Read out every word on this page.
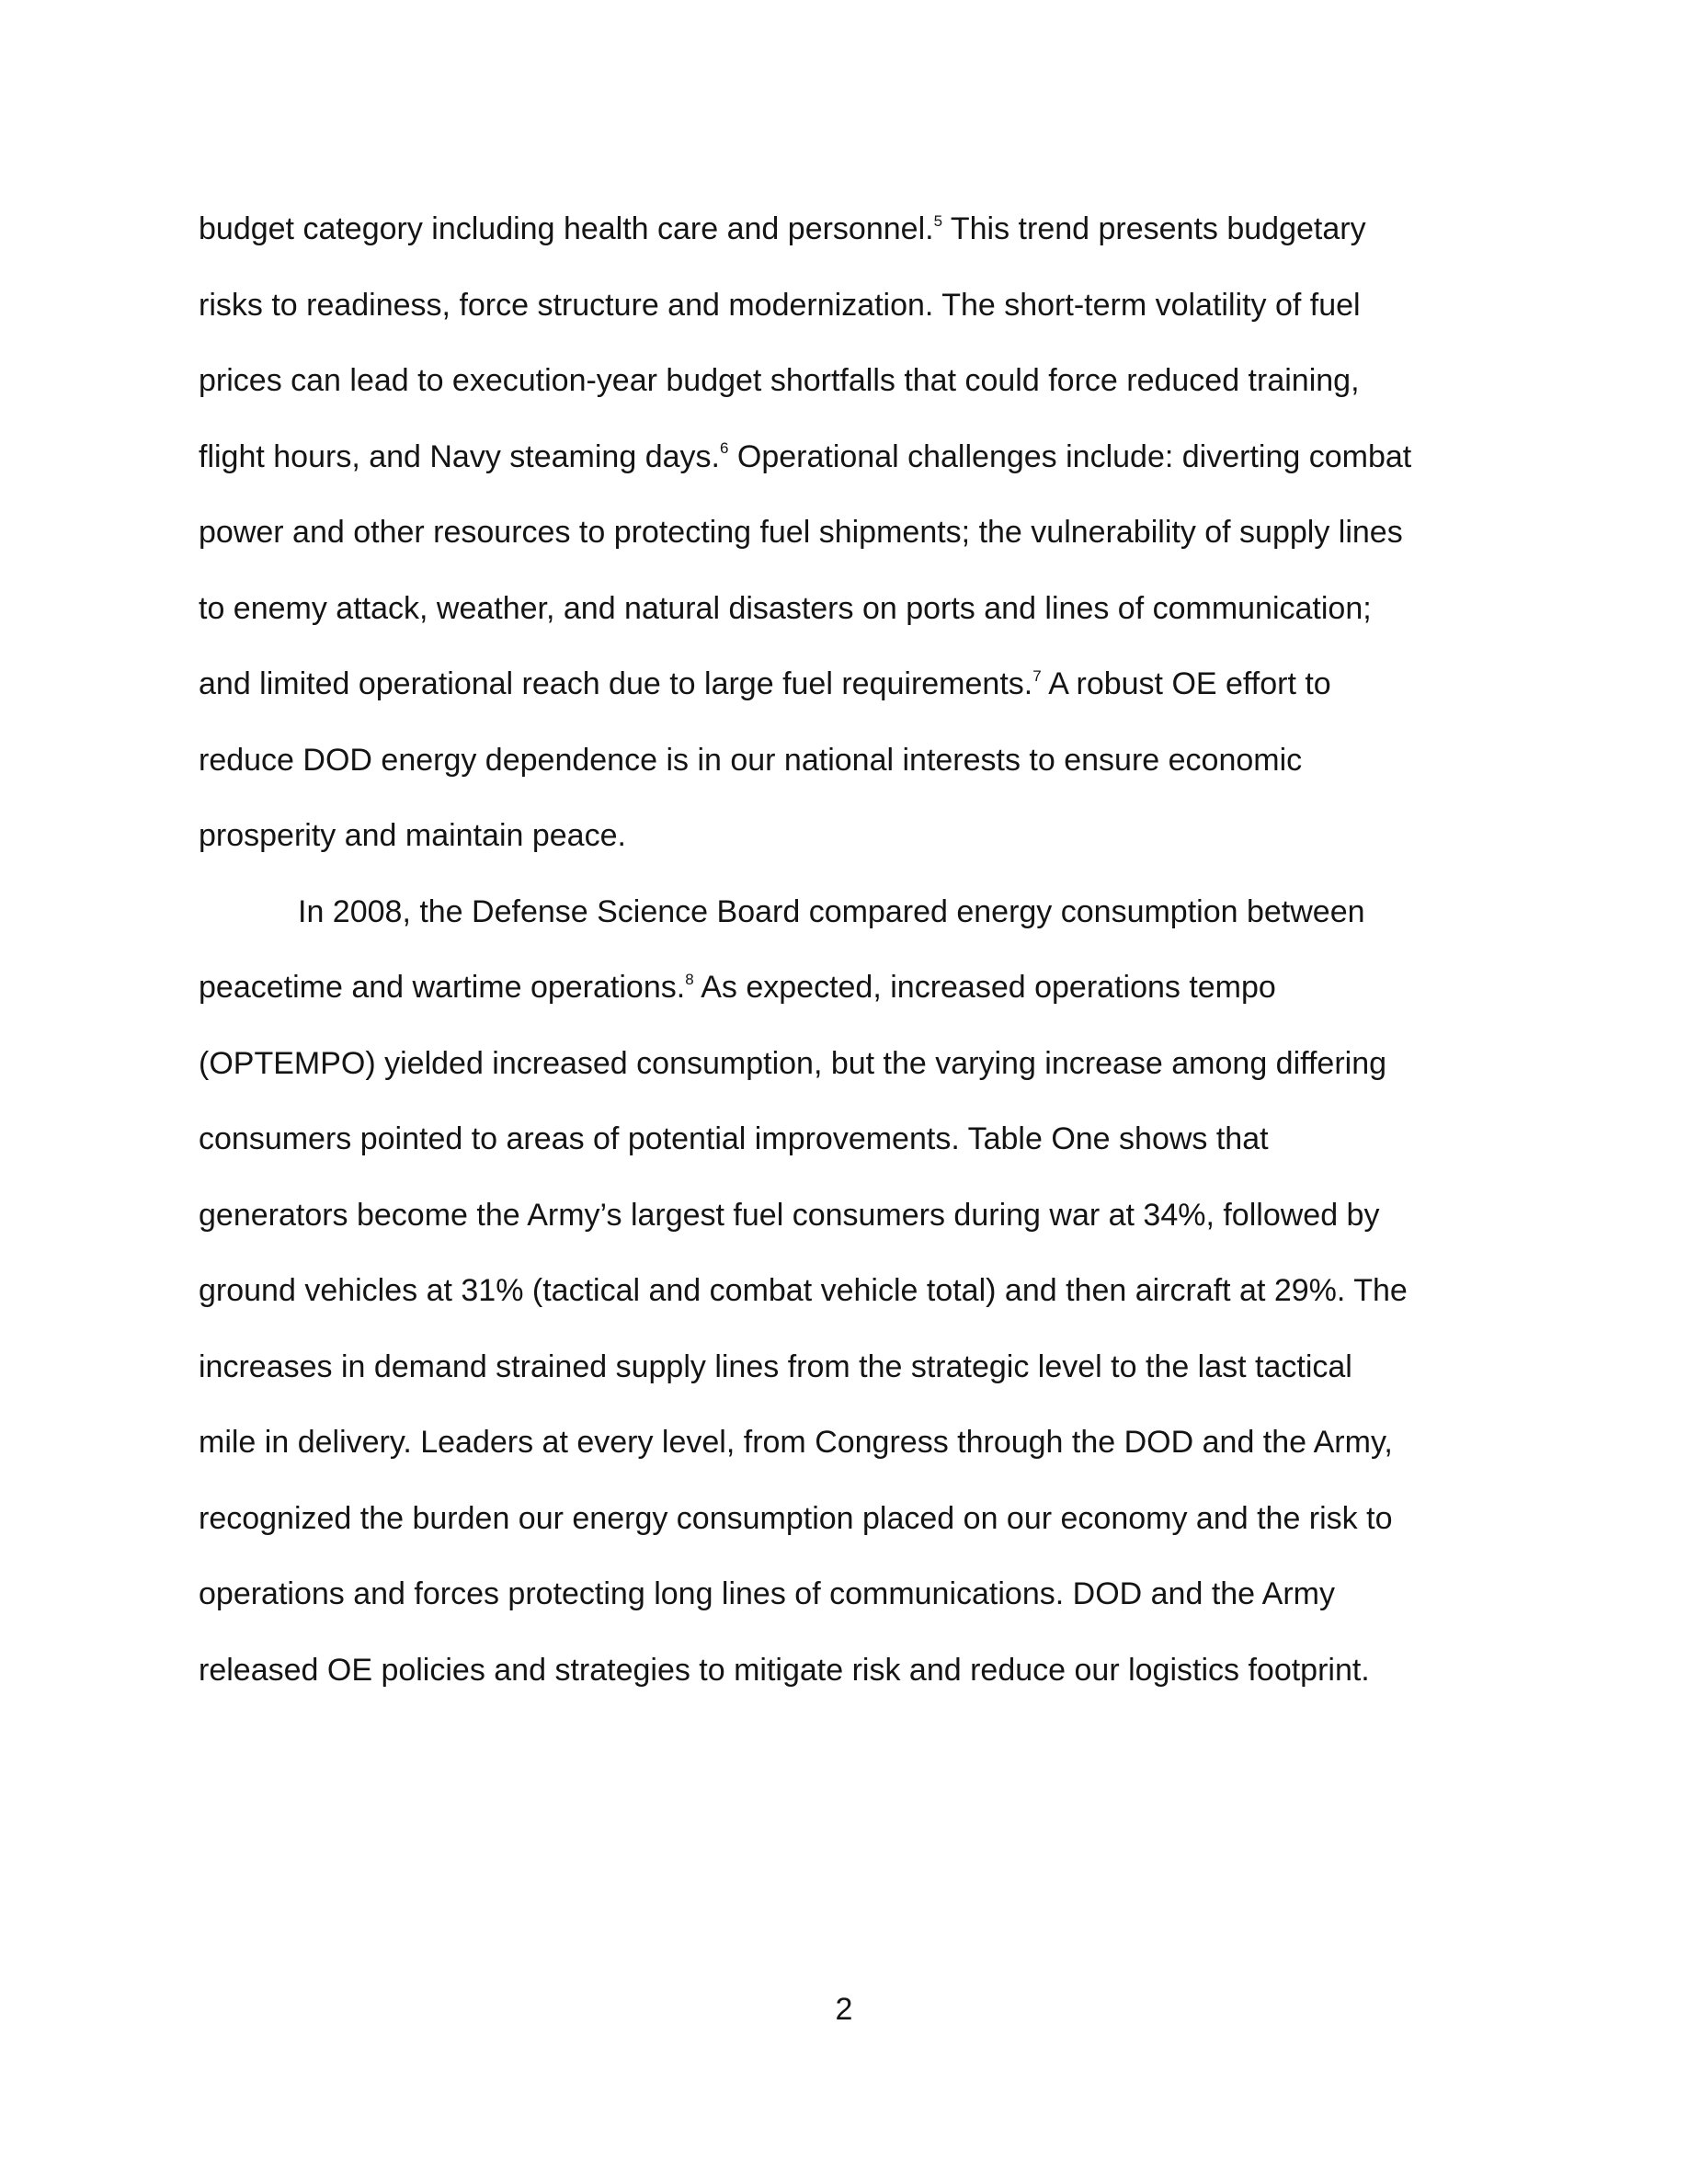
budget category including health care and personnel.$^5$ This trend presents budgetary

risks to readiness, force structure and modernization. The short-term volatility of fuel

prices can lead to execution-year budget shortfalls that could force reduced training,

flight hours, and Navy steaming days.$^6$ Operational challenges include: diverting combat

power and other resources to protecting fuel shipments; the vulnerability of supply lines

to enemy attack, weather, and natural disasters on ports and lines of communication;

and limited operational reach due to large fuel requirements.$^7$ A robust OE effort to

reduce DOD energy dependence is in our national interests to ensure economic

prosperity and maintain peace.

In 2008, the Defense Science Board compared energy consumption between

peacetime and wartime operations.$^8$ As expected, increased operations tempo

(OPTEMPO) yielded increased consumption, but the varying increase among differing

consumers pointed to areas of potential improvements. Table One shows that

generators become the Army’s largest fuel consumers during war at 34%, followed by

ground vehicles at 31% (tactical and combat vehicle total) and then aircraft at 29%. The

increases in demand strained supply lines from the strategic level to the last tactical

mile in delivery. Leaders at every level, from Congress through the DOD and the Army,

recognized the burden our energy consumption placed on our economy and the risk to

operations and forces protecting long lines of communications. DOD and the Army

released OE policies and strategies to mitigate risk and reduce our logistics footprint.

2
